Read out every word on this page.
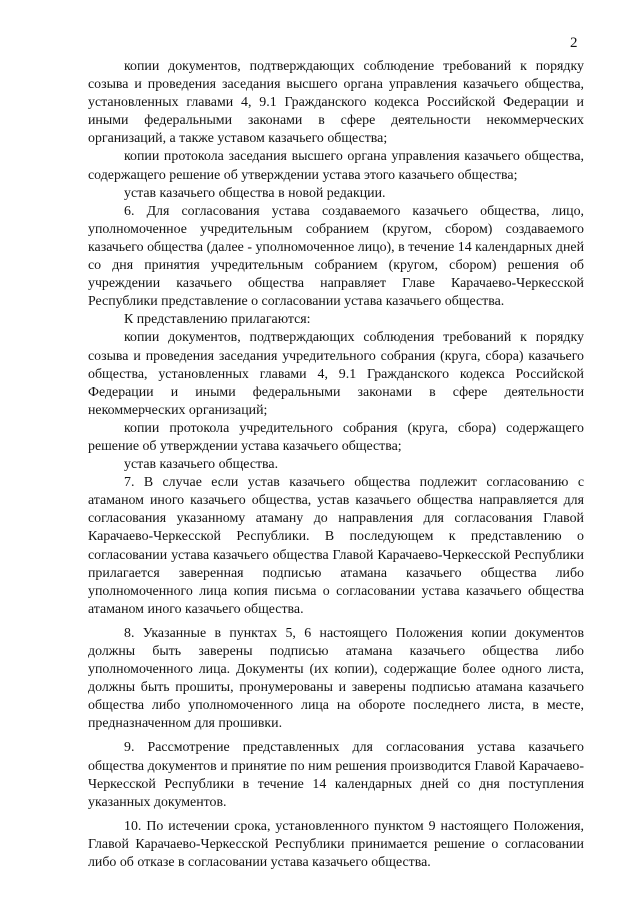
2

копии документов, подтверждающих соблюдение требований к порядку созыва и проведения заседания высшего органа управления казачьего общества, установленных главами 4, 9.1 Гражданского кодекса Российской Федерации и иными федеральными законами в сфере деятельности некоммерческих организаций, а также уставом казачьего общества;

копии протокола заседания высшего органа управления казачьего общества, содержащего решение об утверждении устава этого казачьего общества;

устав казачьего общества в новой редакции.

6. Для согласования устава создаваемого казачьего общества, лицо, уполномоченное учредительным собранием (кругом, сбором) создаваемого казачьего общества (далее - уполномоченное лицо), в течение 14 календарных дней со дня принятия учредительным собранием (кругом, сбором) решения об учреждении казачьего общества направляет Главе Карачаево-Черкесской Республики представление о согласовании устава казачьего общества.

К представлению прилагаются:

копии документов, подтверждающих соблюдения требований к порядку созыва и проведения заседания учредительного собрания (круга, сбора) казачьего общества, установленных главами 4, 9.1 Гражданского кодекса Российской Федерации и иными федеральными законами в сфере деятельности некоммерческих организаций;

копии протокола учредительного собрания (круга, сбора) содержащего решение об утверждении устава казачьего общества;

устав казачьего общества.

7. В случае если устав казачьего общества подлежит согласованию с атаманом иного казачьего общества, устав казачьего общества направляется для согласования указанному атаману до направления для согласования Главой Карачаево-Черкесской Республики. В последующем к представлению о согласовании устава казачьего общества Главой Карачаево-Черкесской Республики прилагается заверенная подписью атамана казачьего общества либо уполномоченного лица копия письма о согласовании устава казачьего общества атаманом иного казачьего общества.

8. Указанные в пунктах 5, 6 настоящего Положения копии документов должны быть заверены подписью атамана казачьего общества либо уполномоченного лица. Документы (их копии), содержащие более одного листа, должны быть прошиты, пронумерованы и заверены подписью атамана казачьего общества либо уполномоченного лица на обороте последнего листа, в месте, предназначенном для прошивки.

9. Рассмотрение представленных для согласования устава казачьего общества документов и принятие по ним решения производится Главой Карачаево-Черкесской Республики в течение 14 календарных дней со дня поступления указанных документов.

10. По истечении срока, установленного пунктом 9 настоящего Положения, Главой Карачаево-Черкесской Республики принимается решение о согласовании либо об отказе в согласовании устава казачьего общества.
